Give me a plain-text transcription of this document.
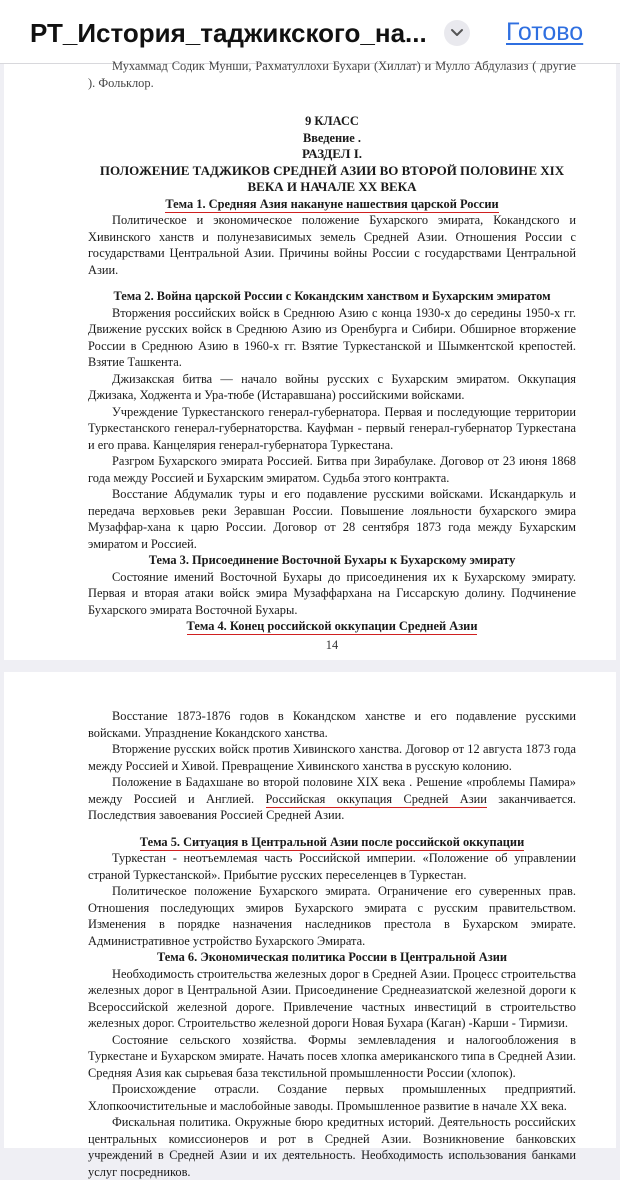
РТ_История_таджикского_на...	Готово

Мухаммад Содик Мунши, Рахматуллохи Бухари (Хиллат) и Мулло Абдулазиз ( другие ). Фольклор.

9 КЛАСС

Введение .

РАЗДЕЛ I.

ПОЛОЖЕНИЕ ТАДЖИКОВ СРЕДНЕЙ АЗИИ ВО ВТОРОЙ ПОЛОВИНЕ XIX ВЕКА И НАЧАЛЕ XX ВЕКА

Тема 1. Средняя Азия накануне нашествия царской России

Политическое и экономическое положение Бухарского эмирата, Кокандского и Хивинского ханств и полунезависимых земель Средней Азии. Отношения России с государствами Центральной Азии. Причины войны России с государствами Центральной Азии.

Тема 2. Война царской России с Кокандским ханством и Бухарским эмиратом

Вторжения российских войск в Среднюю Азию с конца 1930-х до середины 1950-х гг. Движение русских войск в Среднюю Азию из Оренбурга и Сибири. Обширное вторжение России в Среднюю Азию в 1960-х гг. Взятие Туркестанской и Шымкентской крепостей. Взятие Ташкента.

Джизакская битва — начало войны русских с Бухарским эмиратом. Оккупация Джизака, Ходжента и Ура-тюбе (Истаравшана) российскими войсками.

Учреждение Туркестанского генерал-губернатора. Первая и последующие территории Туркестанского генерал-губернаторства. Кауфман - первый генерал-губернатор Туркестана и его права. Канцелярия генерал-губернатора Туркестана.

Разгром Бухарского эмирата Россией. Битва при Зирабулаке. Договор от 23 июня 1868 года между Россией и Бухарским эмиратом. Судьба этого контракта.

Восстание Абдумалик туры и его подавление русскими войсками. Искандаркуль и передача верховьев реки Зеравшан России. Повышение лояльности бухарского эмира Музаффар-хана к царю России. Договор от 28 сентября 1873 года между Бухарским эмиратом и Россией.

Тема 3. Присоединение Восточной Бухары к Бухарскому эмирату

Состояние имений Восточной Бухары до присоединения их к Бухарскому эмирату. Первая и вторая атаки войск эмира Музаффархана на Гиссарскую долину. Подчинение Бухарского эмирата Восточной Бухары.

Тема 4. Конец российской оккупации Средней Азии

14

Восстание 1873-1876 годов в Кокандском ханстве и его подавление русскими войсками. Упразднение Кокандского ханства.

Вторжение русских войск против Хивинского ханства. Договор от 12 августа 1873 года между Россией и Хивой. Превращение Хивинского ханства в русскую колонию.

Положение в Бадахшане во второй половине XIX века . Решение «проблемы Памира» между Россией и Англией. Российская оккупация Средней Азии заканчивается. Последствия завоевания Россией Средней Азии.

Тема 5. Ситуация в Центральной Азии после российской оккупации

Туркестан - неотъемлемая часть Российской империи. «Положение об управлении страной Туркестанской». Прибытие русских переселенцев в Туркестан.

Политическое положение Бухарского эмирата. Ограничение его суверенных прав. Отношения последующих эмиров Бухарского эмирата с русским правительством. Изменения в порядке назначения наследников престола в Бухарском эмирате. Административное устройство Бухарского Эмирата.

Тема 6. Экономическая политика России в Центральной Азии

Необходимость строительства железных дорог в Средней Азии. Процесс строительства железных дорог в Центральной Азии. Присоединение Среднеазиатской железной дороги к Всероссийской железной дороге. Привлечение частных инвестиций в строительство железных дорог. Строительство железной дороги Новая Бухара (Каган) -Карши - Тирмизи.

Состояние сельского хозяйства. Формы землевладения и налогообложения в Туркестане и Бухарском эмирате. Начать посев хлопка американского типа в Средней Азии. Средняя Азия как сырьевая база текстильной промышленности России (хлопок).

Происхождение отрасли. Создание первых промышленных предприятий. Хлопкоочистительные и маслобойные заводы. Промышленное развитие в начале XX века.

Фискальная политика. Окружные бюро кредитных историй. Деятельность российских центральных комиссионеров и рот в Средней Азии. Возникновение банковских учреждений в Средней Азии и их деятельность. Необходимость использования банками услуг посредников.
